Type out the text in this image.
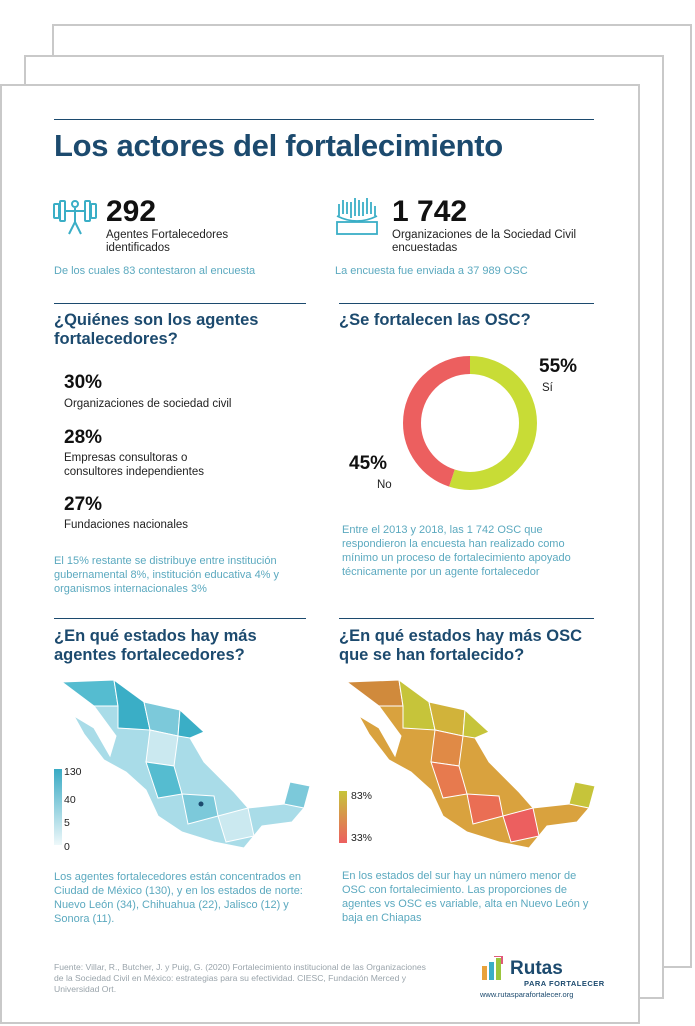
Los actores del fortalecimiento
292
Agentes Fortalecedores identificados
De los cuales 83 contestaron al encuesta
1 742
Organizaciones de la Sociedad Civil encuestadas
La encuesta fue enviada a 37 989 OSC
¿Quiénes son los agentes fortalecedores?
30%
Organizaciones de sociedad civil
28%
Empresas consultoras o consultores independientes
27%
Fundaciones nacionales
El 15% restante se distribuye entre institución gubernamental 8%, institución educativa 4% y organismos internacionales 3%
¿Se fortalecen las OSC?
55%
Sí
45%
No
Entre el 2013 y 2018, las 1 742 OSC que respondieron la encuesta han realizado como mínimo un proceso de fortalecimiento apoyado técnicamente por un agente fortalecedor
¿En qué estados hay más agentes fortalecedores?
130
40
5
0
Los agentes fortalecedores están concentrados en Ciudad de México (130), y en los estados de norte: Nuevo León (34), Chihuahua (22), Jalisco (12) y Sonora (11).
¿En qué estados hay más OSC que se han fortalecido?
83%
33%
En los estados del sur hay un número menor de OSC con fortalecimiento. Las proporciones de agentes vs OSC es variable, alta en Nuevo León y baja en Chiapas
Fuente: Villar, R., Butcher, J. y Puig, G. (2020) Fortalecimiento institucional de las Organizaciones de la Sociedad Civil en México: estrategias para su efectividad. CIESC, Fundación Merced y Universidad Ort.
Rutas
PARA FORTALECER
www.rutasparafortalecer.org
